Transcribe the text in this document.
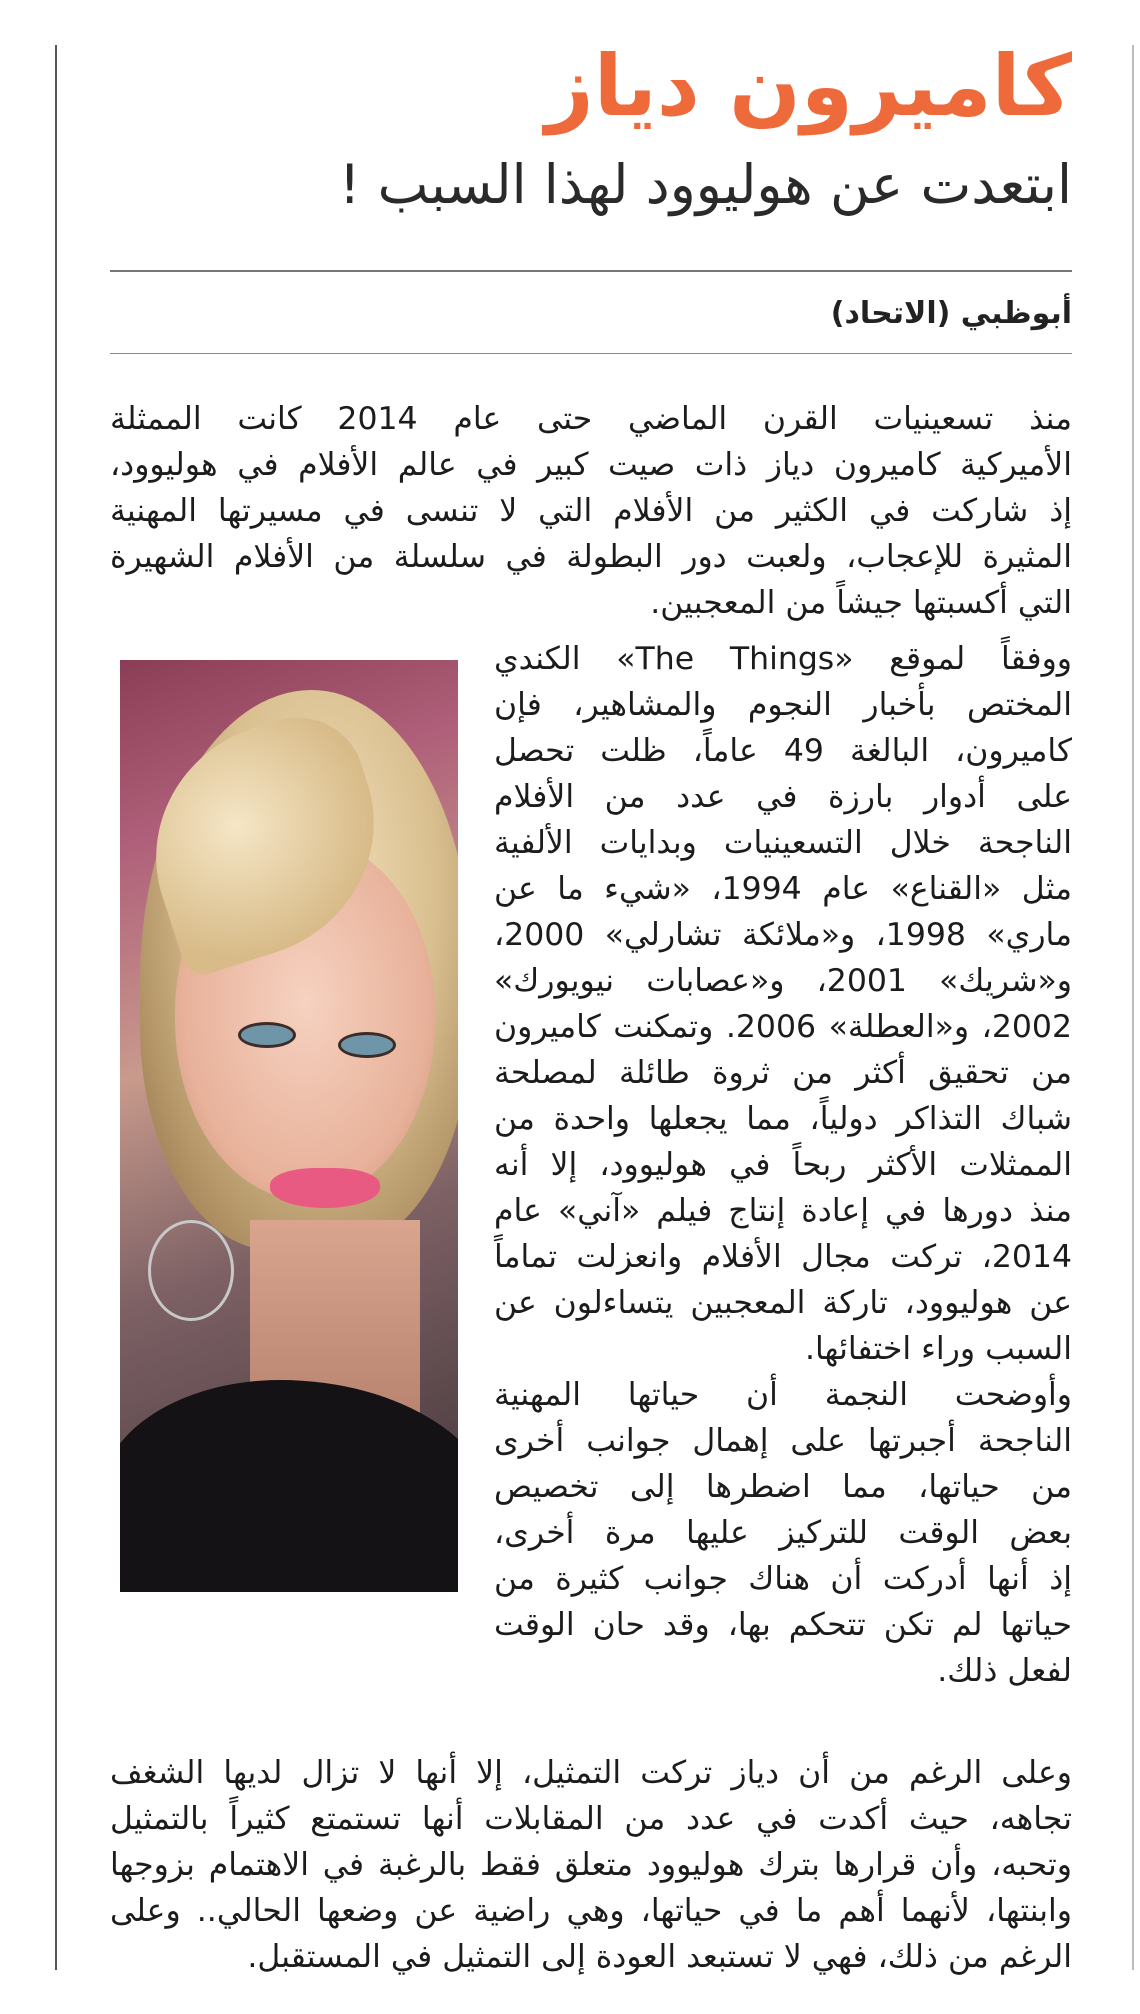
كاميرون دياز
ابتعدت عن هوليوود لهذا السبب !
أبوظبي (الاتحاد)
منذ تسعينيات القرن الماضي حتى عام 2014 كانت الممثلة
الأميركية كاميرون دياز ذات صيت كبير في عالم الأفلام في هوليوود،
إذ شاركت في الكثير من الأفلام التي لا تنسى في مسيرتها المهنية
المثيرة للإعجاب، ولعبت دور البطولة في سلسلة من الأفلام الشهيرة
التي أكسبتها جيشاً من المعجبين.
ووفقاً لموقع «The Things» الكندي
المختص بأخبار النجوم والمشاهير، فإن
كاميرون، البالغة 49 عاماً، ظلت تحصل
على أدوار بارزة في عدد من الأفلام
الناجحة خلال التسعينيات وبدايات الألفية
مثل «القناع» عام 1994، «شيء ما عن
ماري» 1998، و«ملائكة تشارلي» 2000،
و«شريك» 2001، و«عصابات نيويورك»
2002، و«العطلة» 2006. وتمكنت كاميرون
من تحقيق أكثر من ثروة طائلة لمصلحة
شباك التذاكر دولياً، مما يجعلها واحدة من
الممثلات الأكثر ربحاً في هوليوود، إلا أنه
منذ دورها في إعادة إنتاج فيلم «آني» عام
2014، تركت مجال الأفلام وانعزلت تماماً
عن هوليوود، تاركة المعجبين يتساءلون عن
السبب وراء اختفائها.
وأوضحت النجمة أن حياتها المهنية
الناجحة أجبرتها على إهمال جوانب أخرى
من حياتها، مما اضطرها إلى تخصيص
بعض الوقت للتركيز عليها مرة أخرى،
إذ أنها أدركت أن هناك جوانب كثيرة من
حياتها لم تكن تتحكم بها، وقد حان الوقت
لفعل ذلك.
وعلى الرغم من أن دياز تركت التمثيل، إلا أنها لا تزال لديها الشغف
تجاهه، حيث أكدت في عدد من المقابلات أنها تستمتع كثيراً بالتمثيل
وتحبه، وأن قرارها بترك هوليوود متعلق فقط بالرغبة في الاهتمام بزوجها
وابنتها، لأنهما أهم ما في حياتها، وهي راضية عن وضعها الحالي.. وعلى
الرغم من ذلك، فهي لا تستبعد العودة إلى التمثيل في المستقبل.
